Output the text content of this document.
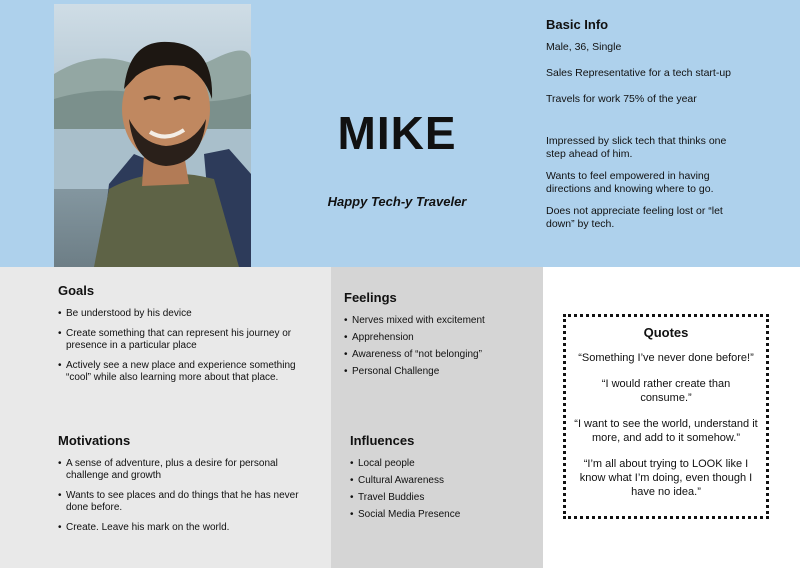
MIKE
Happy Tech-y Traveler
Basic Info
Male, 36, Single
Sales Representative for a tech start-up
Travels for work 75% of the year
Impressed by slick tech that thinks one step ahead of him.
Wants to feel empowered in having directions and knowing where to go.
Does not appreciate feeling lost or “let down” by tech.
Goals
• Be understood by his device
• Create something that can represent his journey or presence in a particular place
• Actively see a new place and experience something “cool” while also learning more about that place.
Motivations
• A sense of adventure, plus a desire for personal challenge and growth
• Wants to see places and do things that he has never done before.
• Create. Leave his mark on the world.
Feelings
• Nerves mixed with excitement
• Apprehension
• Awareness of “not belonging”
• Personal Challenge
Influences
• Local people
• Cultural Awareness
• Travel Buddies
• Social Media Presence
Quotes

“Something I’ve never done before!”

“I would rather create than consume.”

“I want to see the world, understand it more, and add to it somehow.”

“I’m all about trying to LOOK like I know what I’m doing, even though I have no idea.”
